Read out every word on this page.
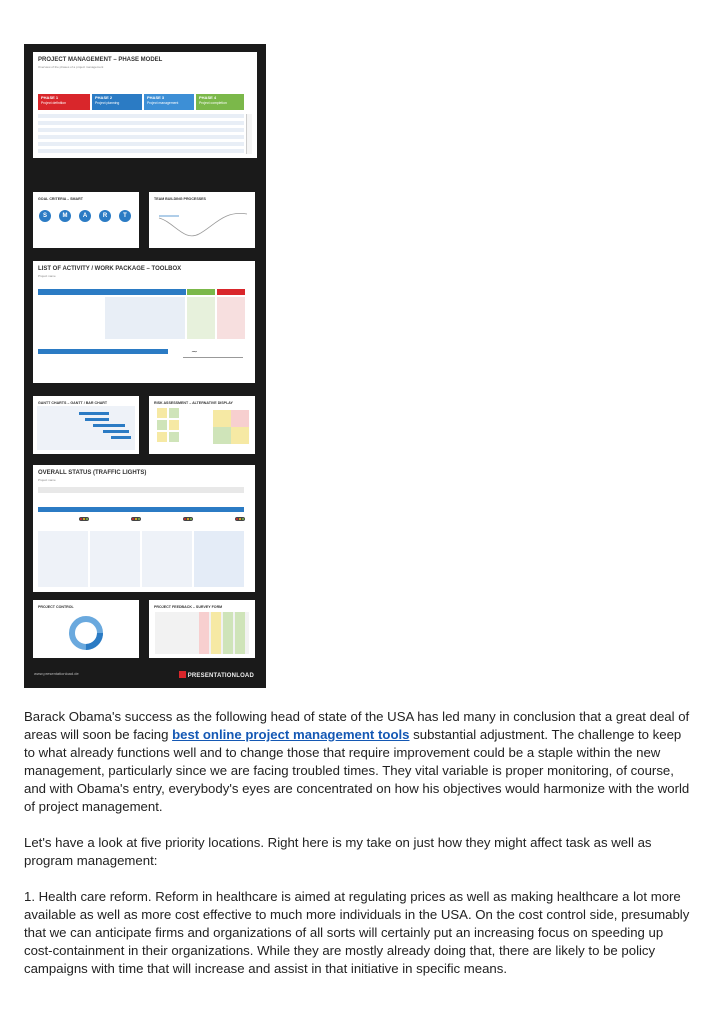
PROJECT MANAGEMENT – PHASE MODEL
Overview of the phases of a project management
PHASE 1
Project definition
PHASE 2
Project planning
PHASE 3
Project management
PHASE 4
Project completion
GOAL CRITERIA – SMART
S	M	A	R	T
TEAM BUILDING PROCESSES
LIST OF ACTIVITY / WORK PACKAGE – TOOLBOX
Project name
~
GANTT CHARTS – GANTT / BAR CHART	RISK ASSESSMENT – ALTERNATIVE DISPLAY
OVERALL STATUS (TRAFFIC LIGHTS)
Project name
PROJECT CONTROL	PROJECT FEEDBACK – SURVEY FORM
www.presentationload.de	PRESENTATIONLOAD

Barack Obama's success as the following head of state of the USA has led many in conclusion that a great deal of areas will soon be facing best online project management tools substantial adjustment. The challenge to keep to what already functions well and to change those that require improvement could be a staple within the new management, particularly since we are facing troubled times. They vital variable is proper monitoring, of course, and with Obama's entry, everybody's eyes are concentrated on how his objectives would harmonize with the world of project management.

Let's have a look at five priority locations. Right here is my take on just how they might affect task as well as program management:

1. Health care reform. Reform in healthcare is aimed at regulating prices as well as making healthcare a lot more available as well as more cost effective to much more individuals in the USA. On the cost control side, presumably that we can anticipate firms and organizations of all sorts will certainly put an increasing focus on speeding up cost-containment in their organizations. While they are mostly already doing that, there are likely to be policy campaigns with time that will increase and assist in that initiative in specific means.
